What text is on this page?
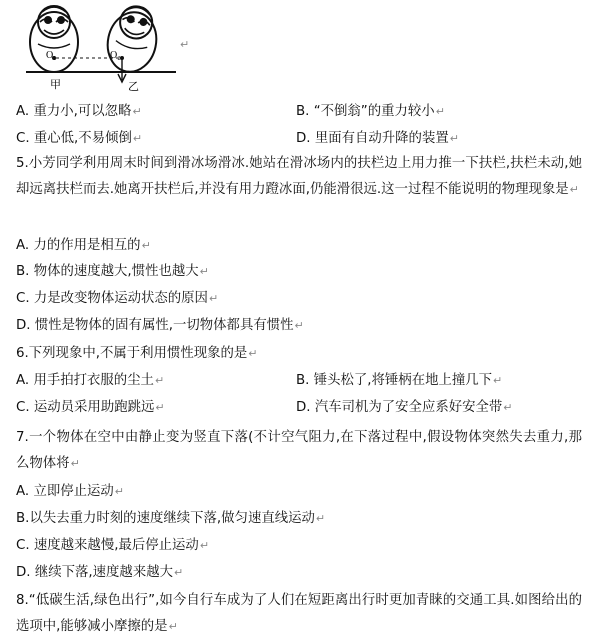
O₁	O₂
甲	乙
↵
A. 重力小,可以忽略↵	B. “不倒翁”的重力较小↵
C. 重心低,不易倾倒↵	D. 里面有自动升降的装置↵
5.小芳同学利用周末时间到滑冰场滑冰.她站在滑冰场内的扶栏边上用力推一下扶栏,扶栏未动,她却远离扶栏而去.她离开扶栏后,并没有用力蹬冰面,仍能滑很远.这一过程不能说明的物理现象是↵
A. 力的作用是相互的↵
B. 物体的速度越大,惯性也越大↵
C. 力是改变物体运动状态的原因↵
D. 惯性是物体的固有属性,一切物体都具有惯性↵
6.下列现象中,不属于利用惯性现象的是↵
A. 用手拍打衣服的尘土↵	B. 锤头松了,将锤柄在地上撞几下↵
C. 运动员采用助跑跳远↵	D. 汽车司机为了安全应系好安全带↵
7.一个物体在空中由静止变为竖直下落(不计空气阻力,在下落过程中,假设物体突然失去重力,那么物体将↵
A. 立即停止运动↵
B.以失去重力时刻的速度继续下落,做匀速直线运动↵
C. 速度越来越慢,最后停止运动↵
D. 继续下落,速度越来越大↵
8.“低碳生活,绿色出行”,如今自行车成为了人们在短距离出行时更加青睐的交通工具.如图给出的选项中,能够减小摩擦的是↵
